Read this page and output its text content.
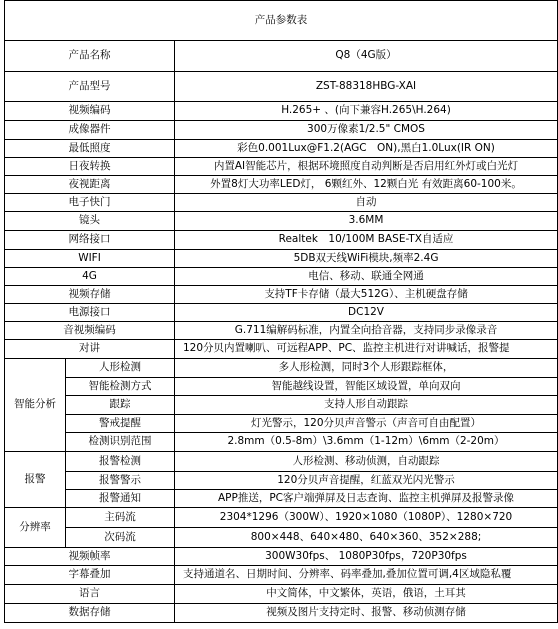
产品参数表		
产品名称		Q8（4G版）
产品型号		ZST-88318HBG-XAI
视频编码		H.265+ 、(向下兼容H.265\H.264)
成像器件		300万像素1/2.5" CMOS
最低照度		彩色0.001Lux@F1.2(AGC　ON),黑白1.0Lux(IR ON)
日夜转换		内置AI智能芯片，根据环境照度自动判断是否启用红外灯或白光灯
夜视距离		外置8灯大功率LED灯， 6颗红外、12颗白光 有效距离60-100米。
电子快门		自动
镜头		3.6MM
网络接口		Realtek　10/100M BASE-TX自适应
WIFI		5DB双天线WiFi模块,频率2.4G
4G		电信、移动、联通全网通
视频存储		支持TF卡存储（最大512G）、主机硬盘存储
电源接口		DC12V
音视频编码		G.711编解码标准，内置全向拾音器，支持同步录像录音
对讲		120分贝内置喇叭、可远程APP、PC、监控主机进行对讲喊话，报警提
智能分析	人形检测	多人形检测，同时3个人形跟踪框体，
	智能检测方式	智能越线设置，智能区域设置，单向双向
	跟踪	支持人形自动跟踪
	警戒提醒	灯光警示，120分贝声音警示（声音可自由配置）
	检测识别范围	2.8mm（0.5-8m）\3.6mm（1-12m）\6mm（2-20m）
报警	报警检测	人形检测、移动侦测，自动跟踪
	报警警示	120分贝声音提醒，红蓝双光闪光警示
	报警通知	APP推送，PC客户端弹屏及日志查询、监控主机弹屏及报警录像
分辨率	主码流	2304*1296（300W）、1920×1080（1080P）、1280×720
	次码流	800×448、640×480、640×360、352×288;
视频帧率		300W30fps、 1080P30fps，720P30fps
字幕叠加		支持通道名、日期时间、分辨率、码率叠加,叠加位置可调,4区域隐私覆
语言		中文简体，中文繁体，英语，俄语，土耳其
数据存储		视频及图片支持定时、报警、移动侦测存储
